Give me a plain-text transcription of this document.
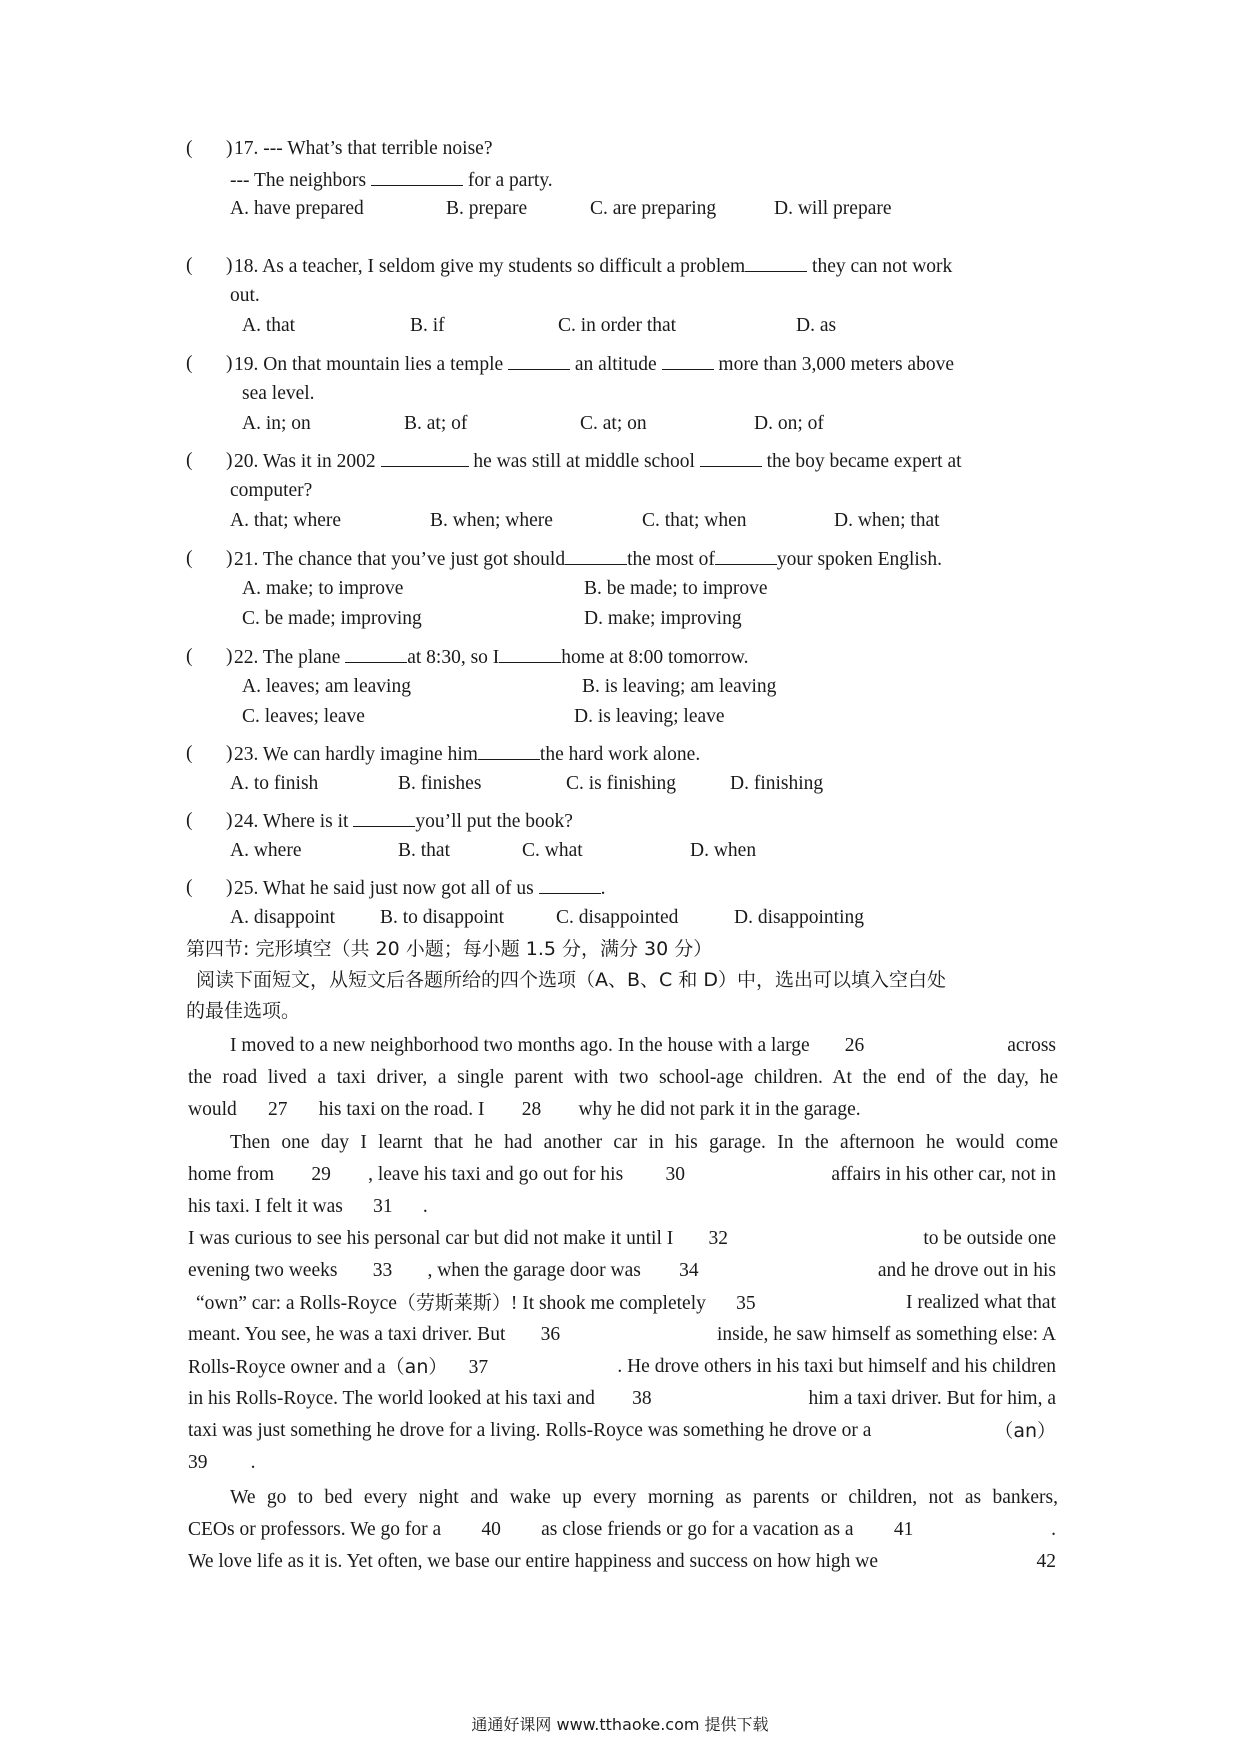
( ) 17. --- What’s that terrible noise?
--- The neighbors	for a party.
A. have prepared	B. prepare	C. are preparing	D. will prepare
( ) 18. As a teacher, I seldom give my students so difficult a problem	they can not work
out.
A. that	B. if	C. in order that	D. as
( ) 19. On that mountain lies a temple	an altitude	more than 3,000 meters above
sea level.
A. in; on	B. at; of	C. at; on	D. on; of
( ) 20. Was it in 2002	he was still at middle school	the boy became expert at
computer?
A. that; where	B. when; where	C. that; when	D. when; that
( ) 21. The chance that you’ve just got should	the most of	your spoken English.
A. make; to improve	B. be made; to improve
C. be made; improving	D. make; improving
( ) 22. The plane	at 8:30, so I	home at 8:00 tomorrow.
A. leaves; am leaving	B. is leaving; am leaving
C. leaves; leave	D. is leaving; leave
( ) 23. We can hardly imagine him	the hard work alone.
A. to finish	B. finishes	C. is finishing	D. finishing
( ) 24. Where is it	you’ll put the book?
A. where	B. that	C. what	D. when
( ) 25. What he said just now got all of us	.
A. disappoint B. to disappoint	C. disappointed	D. disappointing
第四节: 完形填空（共 20 小题；每小题 1.5 分，满分 30 分）
阅读下面短文，从短文后各题所给的四个选项（A、B、C 和 D）中，选出可以填入空白处
的最佳选项。
I moved to a new neighborhood two months ago. In the house with a large 26	across
the road lived a taxi driver, a single parent with two school-age children. At the end of the day, he
would 27 his taxi on the road. I 28 why he did not park it in the garage.
Then one day I learnt that he had another car in his garage. In the afternoon he would come
home from 29 , leave his taxi and go out for his 30	affairs in his other car, not in
his taxi. I felt it was 31 .
I was curious to see his personal car but did not make it until I 32	to be outside one
evening two weeks 33 , when the garage door was 34	and he drove out in his
“own” car: a Rolls-Royce（劳斯莱斯）! It shook me completely 35	I realized what that
meant. You see, he was a taxi driver. But 36	inside, he saw himself as something else: A
Rolls-Royce owner and a（an） 37	. He drove others in his taxi but himself and his children
in his Rolls-Royce. The world looked at his taxi and 38	him a taxi driver. But for him, a
taxi was just something he drove for a living. Rolls-Royce was something he drove or a	（an）
39 .
We go to bed every night and wake up every morning as parents or children, not as bankers,
CEOs or professors. We go for a 40 as close friends or go for a vacation as a 41	.
We love life as it is. Yet often, we base our entire happiness and success on how high we	42
通通好课网 www.tthaoke.com 提供下载
